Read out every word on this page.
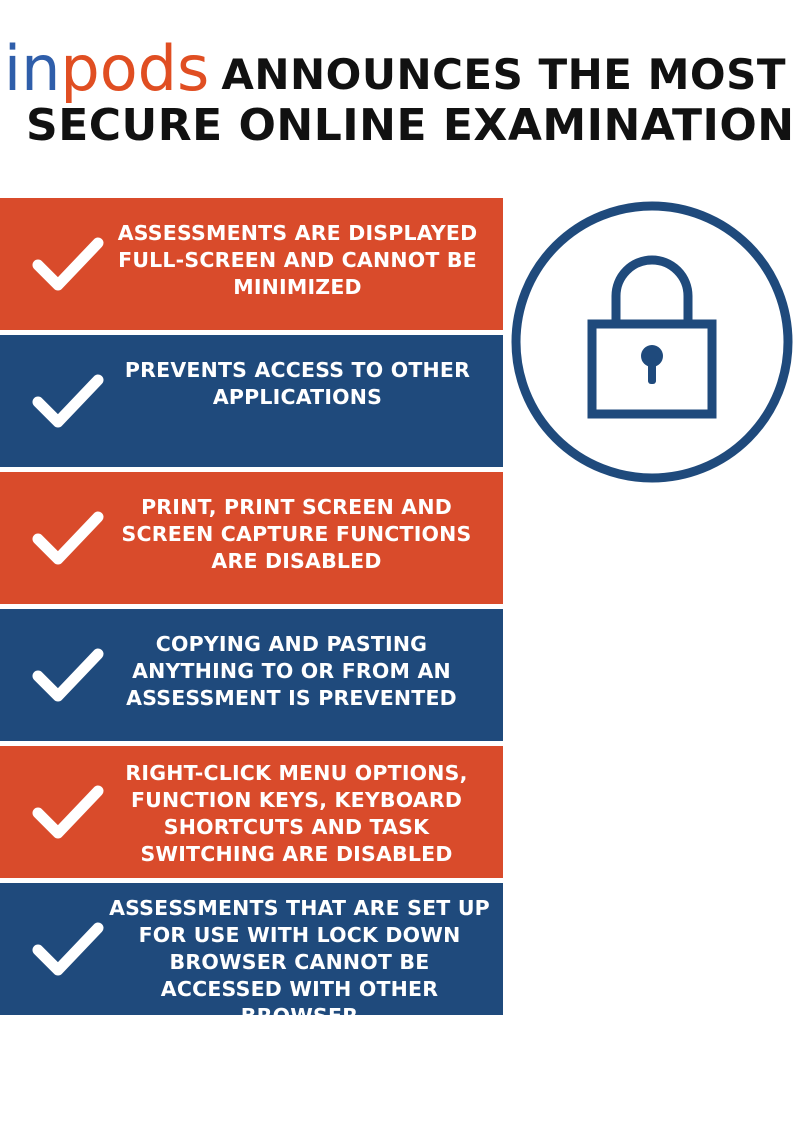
in pods ANNOUNCES THE MOST
SECURE ONLINE EXAMINATION
ASSESSMENTS ARE DISPLAYED FULL-SCREEN AND CANNOT BE MINIMIZED
PREVENTS ACCESS TO OTHER APPLICATIONS
PRINT, PRINT SCREEN AND SCREEN CAPTURE FUNCTIONS ARE DISABLED
COPYING AND PASTING ANYTHING TO OR FROM AN ASSESSMENT IS PREVENTED
RIGHT-CLICK MENU OPTIONS, FUNCTION KEYS, KEYBOARD SHORTCUTS AND TASK SWITCHING ARE DISABLED
ASSESSMENTS THAT ARE SET UP FOR USE WITH LOCK DOWN BROWSER CANNOT BE ACCESSED WITH OTHER BROWSER
